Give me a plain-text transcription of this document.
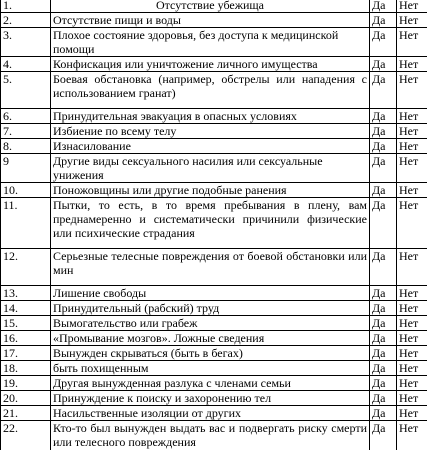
1.	Отсутствие убежища	Да	Нет
2.	Отсутствие пищи и воды	Да	Нет
3.	Плохое состояние здоровья, без доступа к медицинской помощи	Да	Нет
4.	Конфискация или уничтожение личного имущества	Да	Нет
5.	Боевая обстановка (например, обстрелы или нападения с использованием гранат)	Да	Нет
6.	Принудительная эвакуация в опасных условиях	Да	Нет
7.	Избиение по всему телу	Да	Нет
8.	Изнасилование	Да	Нет
9	Другие виды сексуального насилия или сексуальные унижения	Да	Нет
10.	Поножовщины или другие подобные ранения	Да	Нет
11.	Пытки, то есть, в то время пребывания в плену, вам преднамеренно и систематически причинили физические или психические страдания	Да	Нет
12.	Серьезные телесные повреждения от боевой обстановки или мин	Да	Нет
13.	Лишение свободы	Да	Нет
14.	Принудительный (рабский) труд	Да	Нет
15.	Вымогательство или грабеж	Да	Нет
16.	«Промывание мозгов». Ложные сведения	Да	Нет
17.	Вынужден скрываться (быть в бегах)	Да	Нет
18.	быть похищенным	Да	Нет
19.	Другая вынужденная разлука с членами семьи	Да	Нет
20.	Принуждение к поиску и захоронению тел	Да	Нет
21.	Насильственные изоляции от других	Да	Нет
22.	Кто-то был вынужден выдать вас и подвергать риску смерти или телесного повреждения	Да	Нет
